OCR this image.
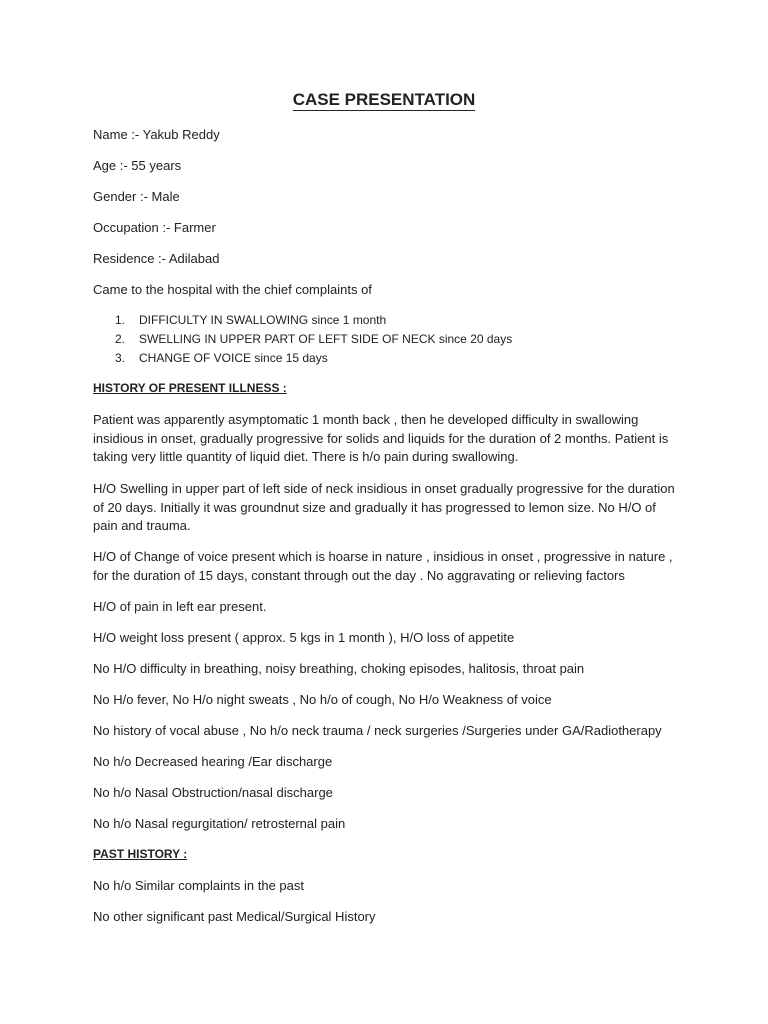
CASE PRESENTATION
Name :- Yakub Reddy
Age :- 55 years
Gender :- Male
Occupation :- Farmer
Residence :- Adilabad
Came to the hospital with the chief complaints of
1. DIFFICULTY IN SWALLOWING since 1 month
2. SWELLING IN UPPER PART OF LEFT SIDE OF NECK since 20 days
3. CHANGE OF VOICE since 15 days
HISTORY OF PRESENT ILLNESS :
Patient was apparently asymptomatic 1 month back , then he developed difficulty in swallowing insidious in onset, gradually progressive for solids and liquids for the duration of 2 months. Patient is taking very little quantity of liquid diet. There is h/o pain during swallowing.
H/O Swelling in upper part of left side of neck insidious in onset gradually progressive for the duration of 20 days. Initially it was groundnut size and gradually it has progressed to lemon size. No H/O of pain and trauma.
H/O of Change of voice present which is hoarse in nature , insidious in onset , progressive in nature , for the duration of 15 days, constant through out the day . No aggravating or relieving factors
H/O of pain in left ear present.
H/O weight loss present ( approx. 5 kgs in 1 month ), H/O loss of appetite
No H/O difficulty in breathing, noisy breathing, choking episodes, halitosis, throat pain
No H/o fever, No H/o night sweats , No h/o of cough, No H/o Weakness of voice
No history of vocal abuse , No h/o neck trauma / neck surgeries /Surgeries under GA/Radiotherapy
No h/o Decreased hearing /Ear discharge
No h/o Nasal Obstruction/nasal discharge
No h/o Nasal regurgitation/ retrosternal pain
PAST HISTORY :
No h/o Similar complaints in the past
No other significant past Medical/Surgical History
